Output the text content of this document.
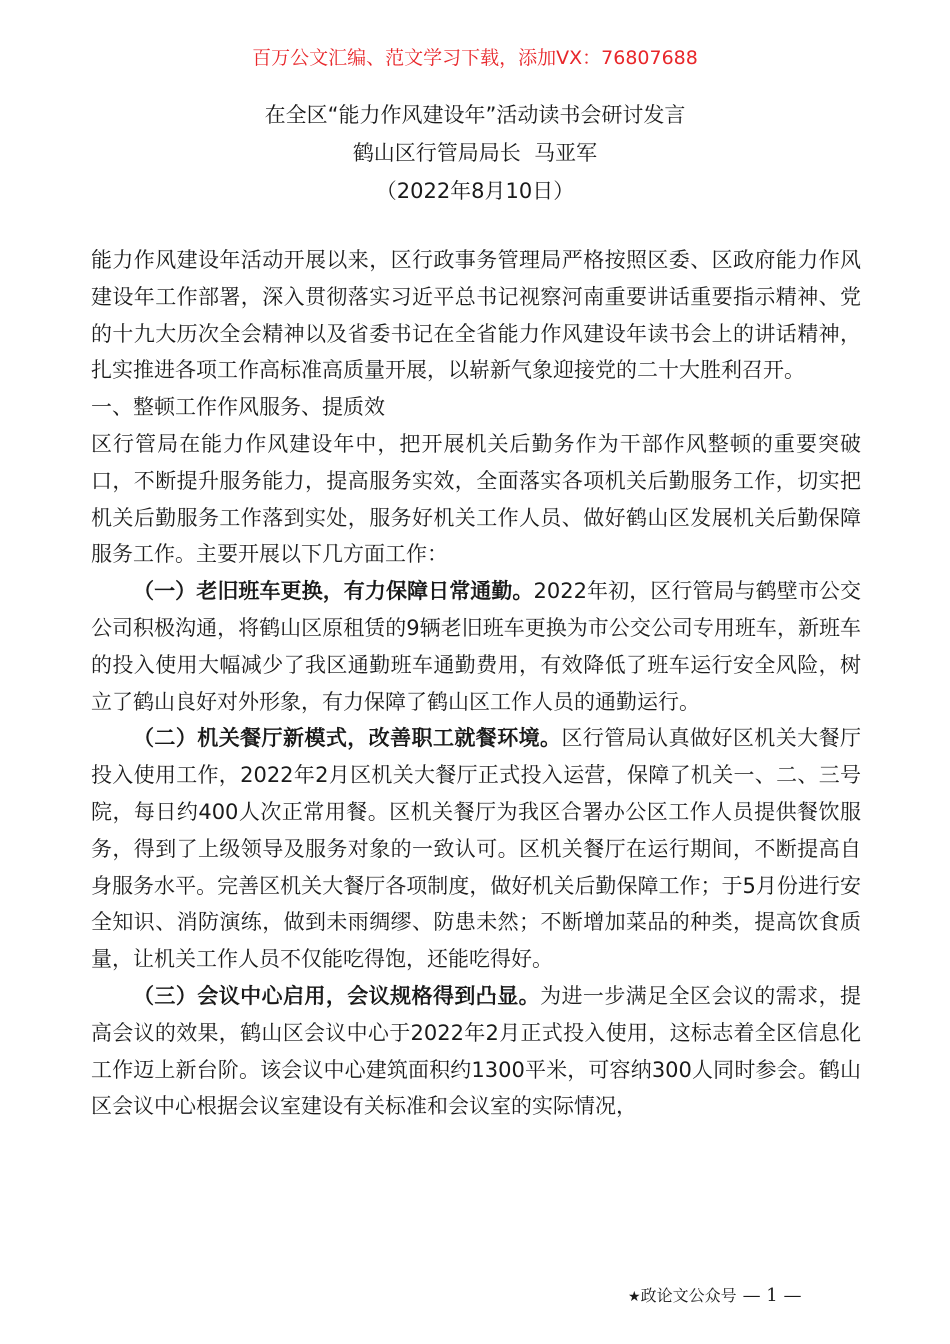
百万公文汇编、范文学习下载，添加VX：76807688
在全区“能力作风建设年”活动读书会研讨发言
鹤山区行管局局长  马亚军
（2022年8月10日）

能力作风建设年活动开展以来，区行政事务管理局严格按照区委、区政府能力作风建设年工作部署，深入贯彻落实习近平总书记视察河南重要讲话重要指示精神、党的十九大历次全会精神以及省委书记在全省能力作风建设年读书会上的讲话精神，扎实推进各项工作高标准高质量开展，以崭新气象迎接党的二十大胜利召开。

一、整顿工作作风服务、提质效

区行管局在能力作风建设年中，把开展机关后勤务作为干部作风整顿的重要突破口，不断提升服务能力，提高服务实效，全面落实各项机关后勤服务工作，切实把机关后勤服务工作落到实处，服务好机关工作人员、做好鹤山区发展机关后勤保障服务工作。主要开展以下几方面工作：

（一）老旧班车更换，有力保障日常通勤。2022年初，区行管局与鹤壁市公交公司积极沟通，将鹤山区原租赁的9辆老旧班车更换为市公交公司专用班车，新班车的投入使用大幅减少了我区通勤班车通勤费用，有效降低了班车运行安全风险，树立了鹤山良好对外形象，有力保障了鹤山区工作人员的通勤运行。

（二）机关餐厅新模式，改善职工就餐环境。区行管局认真做好区机关大餐厅投入使用工作，2022年2月区机关大餐厅正式投入运营，保障了机关一、二、三号院，每日约400人次正常用餐。区机关餐厅为我区合署办公区工作人员提供餐饮服务，得到了上级领导及服务对象的一致认可。区机关餐厅在运行期间，不断提高自身服务水平。完善区机关大餐厅各项制度，做好机关后勤保障工作；于5月份进行安全知识、消防演练，做到未雨绸缪、防患未然；不断增加菜品的种类，提高饮食质量，让机关工作人员不仅能吃得饱，还能吃得好。

（三）会议中心启用，会议规格得到凸显。为进一步满足全区会议的需求，提高会议的效果，鹤山区会议中心于2022年2月正式投入使用，这标志着全区信息化工作迈上新台阶。该会议中心建筑面积约1300平米，可容纳300人同时参会。鹤山区会议中心根据会议室建设有关标准和会议室的实际情况，

★政论文公众号 — 1 —
